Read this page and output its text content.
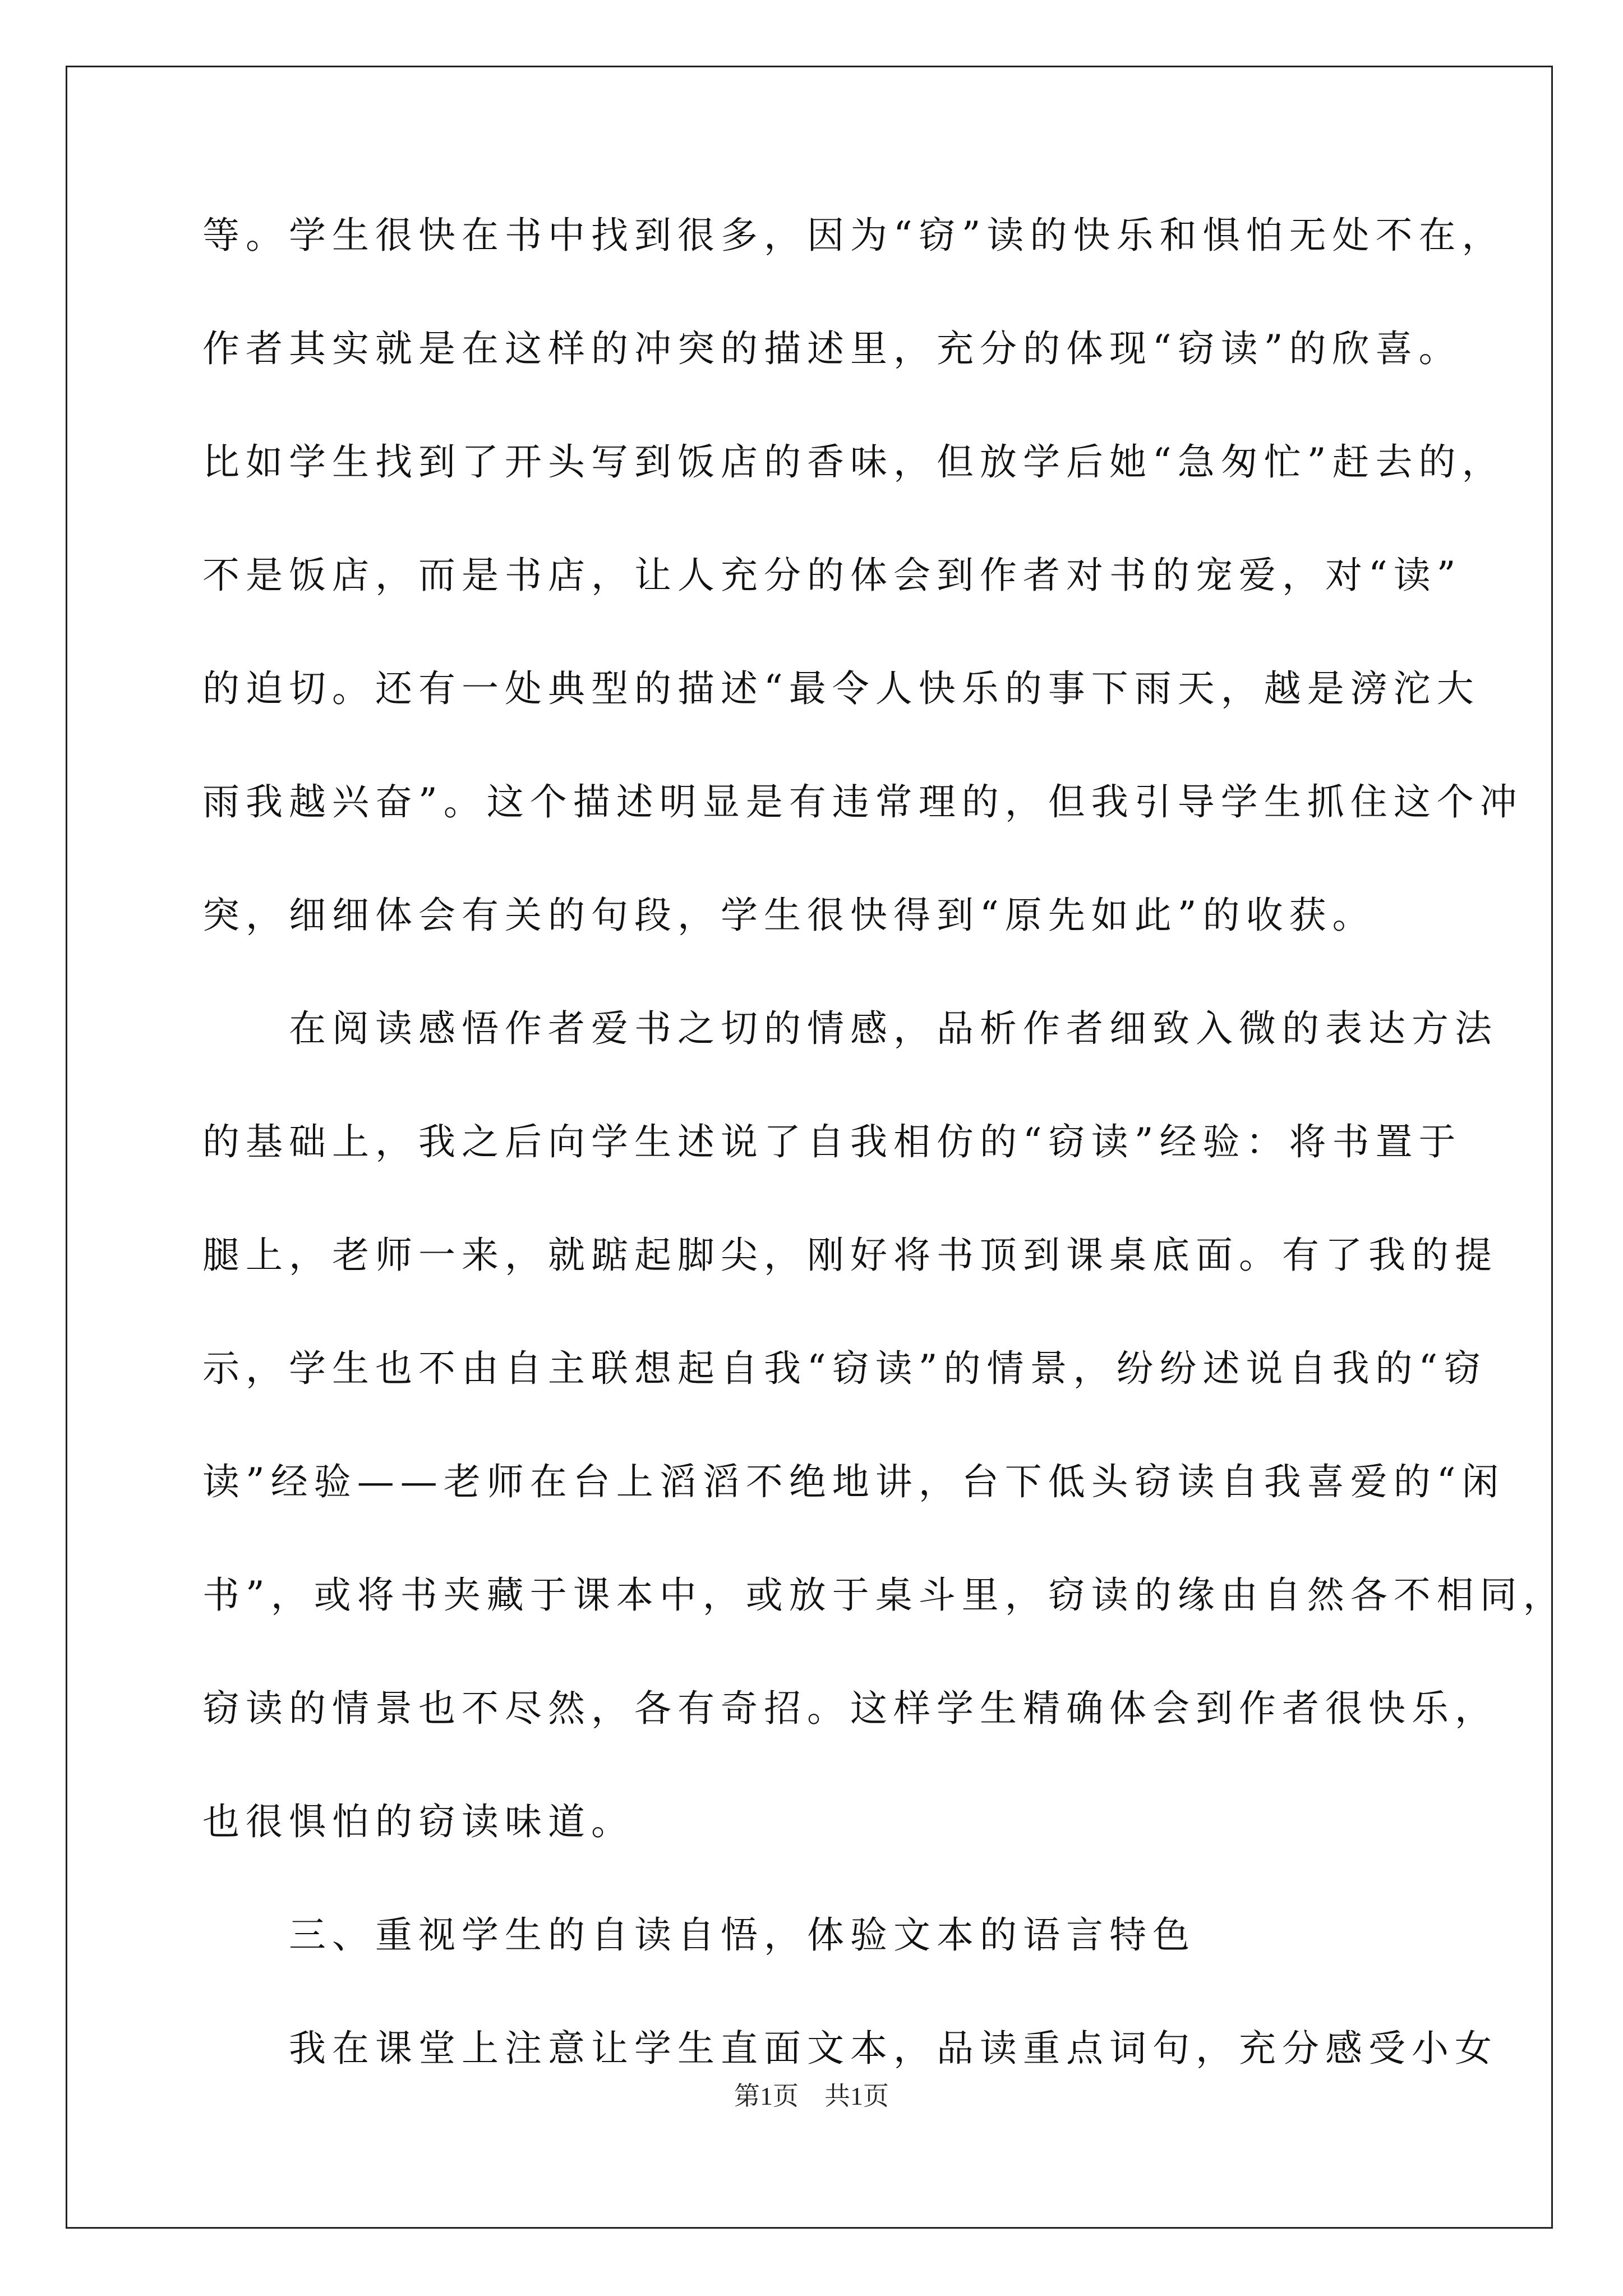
等。学生很快在书中找到很多，因为“窃”读的快乐和惧怕无处不在，
作者其实就是在这样的冲突的描述里，充分的体现“窃读”的欣喜。
比如学生找到了开头写到饭店的香味，但放学后她“急匆忙”赶去的，
不是饭店，而是书店，让人充分的体会到作者对书的宠爱，对“读”
的迫切。还有一处典型的描述“最令人快乐的事下雨天，越是滂沱大
雨我越兴奋”。这个描述明显是有违常理的，但我引导学生抓住这个冲
突，细细体会有关的句段，学生很快得到“原先如此”的收获。
　　在阅读感悟作者爱书之切的情感，品析作者细致入微的表达方法
的基础上，我之后向学生述说了自我相仿的“窃读”经验：将书置于
腿上，老师一来，就踮起脚尖，刚好将书顶到课桌底面。有了我的提
示，学生也不由自主联想起自我“窃读”的情景，纷纷述说自我的“窃
读”经验——老师在台上滔滔不绝地讲，台下低头窃读自我喜爱的“闲
书”，或将书夹藏于课本中，或放于桌斗里，窃读的缘由自然各不相同，
窃读的情景也不尽然，各有奇招。这样学生精确体会到作者很快乐，
也很惧怕的窃读味道。
　　三、重视学生的自读自悟，体验文本的语言特色
　　我在课堂上注意让学生直面文本，品读重点词句，充分感受小女
第1页　共1页
